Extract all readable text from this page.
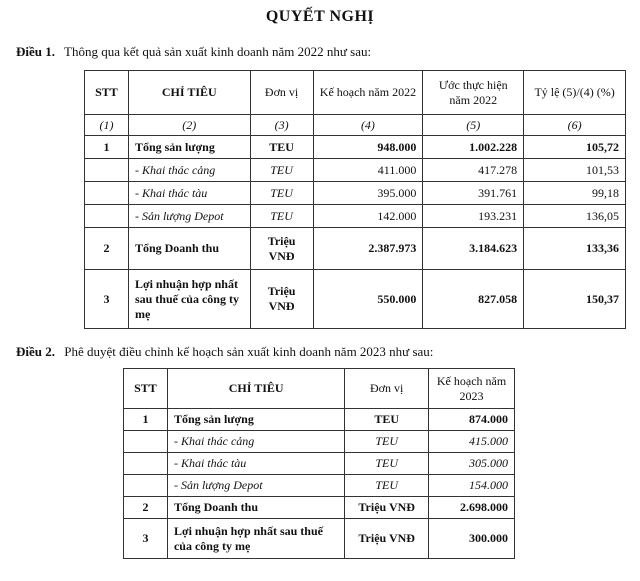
QUYẾT NGHỊ
Điều 1. Thông qua kết quả sản xuất kinh doanh năm 2022 như sau:
STT	CHỈ TIÊU	Đơn vị	Kế hoạch năm 2022	Ước thực hiện năm 2022	Tỷ lệ (5)/(4) (%)
(1)	(2)	(3)	(4)	(5)	(6)
1	Tổng sản lượng	TEU	948.000	1.002.228	105,72
	- Khai thác cảng	TEU	411.000	417.278	101,53
	- Khai thác tàu	TEU	395.000	391.761	99,18
	- Sản lượng Depot	TEU	142.000	193.231	136,05
2	Tổng Doanh thu	Triệu VNĐ	2.387.973	3.184.623	133,36
3	Lợi nhuận hợp nhất sau thuế của công ty mẹ	Triệu VNĐ	550.000	827.058	150,37
Điều 2. Phê duyệt điều chỉnh kế hoạch sản xuất kinh doanh năm 2023 như sau:
STT	CHỈ TIÊU	Đơn vị	Kế hoạch năm 2023
1	Tổng sản lượng	TEU	874.000
	- Khai thác cảng	TEU	415.000
	- Khai thác tàu	TEU	305.000
	- Sản lượng Depot	TEU	154.000
2	Tổng Doanh thu	Triệu VNĐ	2.698.000
3	Lợi nhuận hợp nhất sau thuế của công ty mẹ	Triệu VNĐ	300.000
